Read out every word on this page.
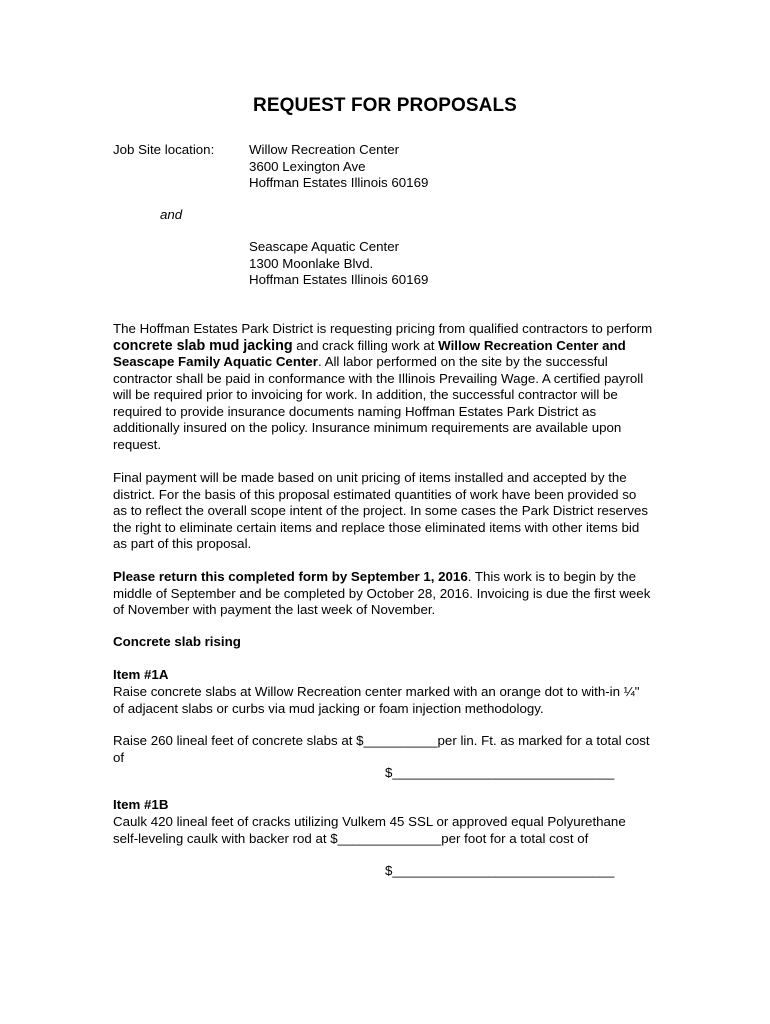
REQUEST FOR PROPOSALS
Job Site location:	Willow Recreation Center
3600 Lexington Ave
Hoffman Estates Illinois 60169
and
Seascape Aquatic Center
1300 Moonlake Blvd.
Hoffman Estates Illinois 60169
The Hoffman Estates Park District is requesting pricing from qualified contractors to perform concrete slab mud jacking and crack filling work at Willow Recreation Center and Seascape Family Aquatic Center. All labor performed on the site by the successful contractor shall be paid in conformance with the Illinois Prevailing Wage. A certified payroll will be required prior to invoicing for work. In addition, the successful contractor will be required to provide insurance documents naming Hoffman Estates Park District as additionally insured on the policy. Insurance minimum requirements are available upon request.
Final payment will be made based on unit pricing of items installed and accepted by the district. For the basis of this proposal estimated quantities of work have been provided so as to reflect the overall scope intent of the project. In some cases the Park District reserves the right to eliminate certain items and replace those eliminated items with other items bid as part of this proposal.
Please return this completed form by September 1, 2016. This work is to begin by the middle of September and be completed by October 28, 2016. Invoicing is due the first week of November with payment the last week of November.
Concrete slab rising
Item #1A
Raise concrete slabs at Willow Recreation center marked with an orange dot to with-in ¼" of adjacent slabs or curbs via mud jacking or foam injection methodology.
Raise 260 lineal feet of concrete slabs at $__________per lin. Ft. as marked for a total cost of
$______________________________
Item #1B
Caulk 420 lineal feet of cracks utilizing Vulkem 45 SSL or approved equal Polyurethane self-leveling caulk with backer rod at $______________per foot for a total cost of
$______________________________
